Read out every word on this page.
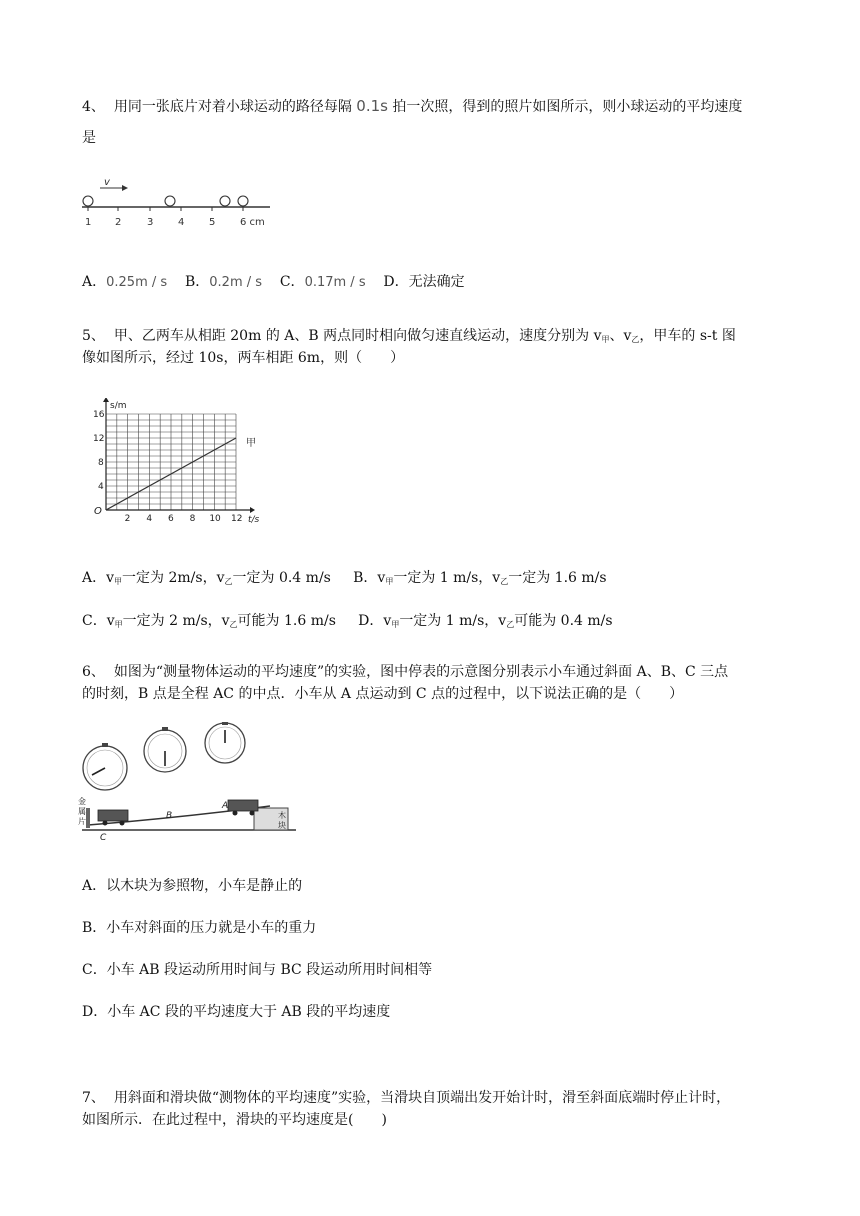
4、 用同一张底片对着小球运动的路径每隔 0.1s 拍一次照，得到的照片如图所示，则小球运动的平均速度
是
v
1 2	3 4 5 6 cm
A．0.25m / s B．0.2m / s C．0.17m / s D．无法确定
5、 甲、乙两车从相距 20m 的 A、B 两点同时相向做匀速直线运动，速度分别为 $v_甲$、$v_乙$，甲车的 s-t 图
像如图所示，经过 10s，两车相距 6m，则（　　）
2 4 6 8 10 12
4
8
12
16
甲
s/m
t/s
O
A．$v_甲$一定为 2m/s，$v_乙$一定为 0.4 m/s B．$v_甲$一定为 1 m/s，$v_乙$一定为 1.6 m/s
C．$v_甲$一定为 2 m/s，$v_乙$可能为 1.6 m/s D．$v_甲$一定为 1 m/s，$v_乙$可能为 0.4 m/s
6、 如图为“测量物体运动的平均速度”的实验，图中停表的示意图分别表示小车通过斜面 A、B、C 三点
的时刻，B 点是全程 AC 的中点．小车从 A 点运动到 C 点的过程中，以下说法正确的是（　　）
木
块
金
属
片
B
A
C
A．以木块为参照物，小车是静止的
B．小车对斜面的压力就是小车的重力
C．小车 AB 段运动所用时间与 BC 段运动所用时间相等
D．小车 AC 段的平均速度大于 AB 段的平均速度
7、 用斜面和滑块做“测物体的平均速度”实验，当滑块自顶端出发开始计时，滑至斜面底端时停止计时，
如图所示．在此过程中，滑块的平均速度是(　　)
